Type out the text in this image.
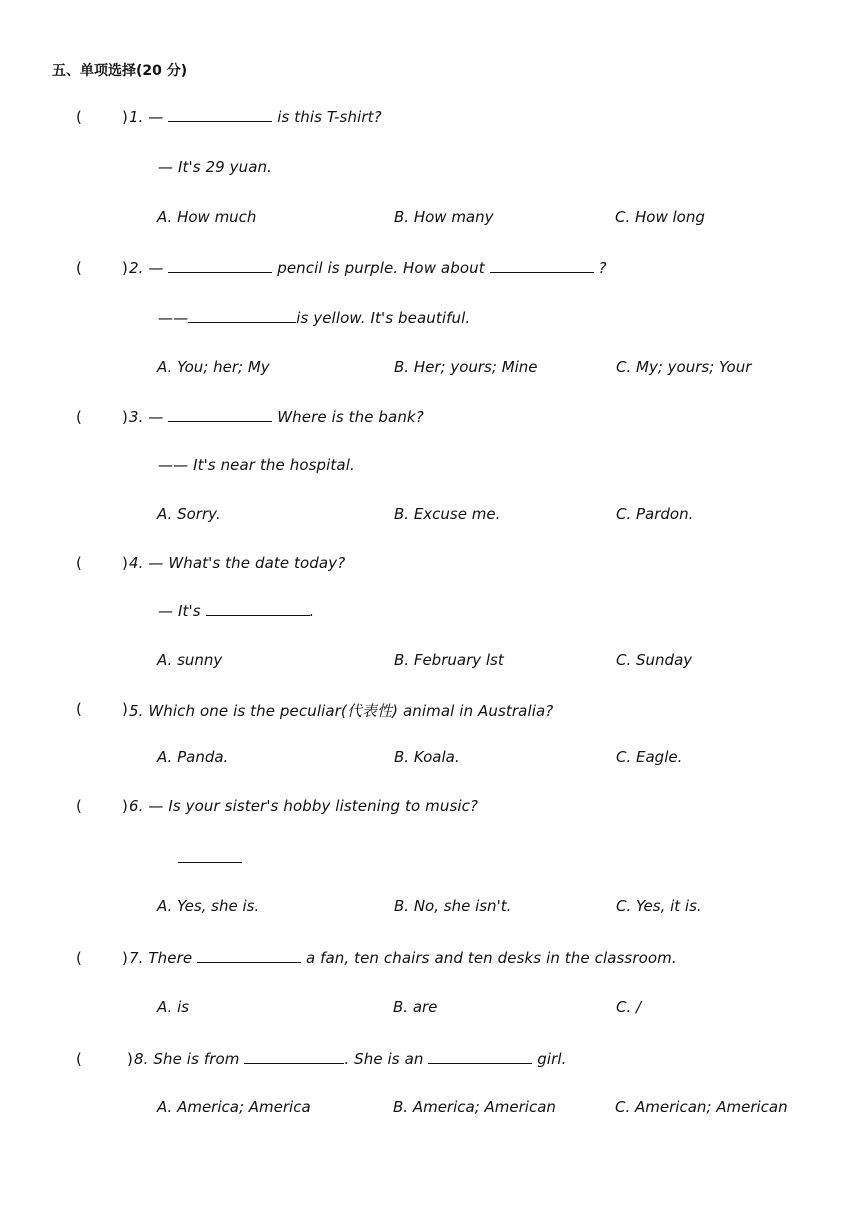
五、单项选择(20 分)
(	) 1. —	is this T-shirt?
— It's 29 yuan.
A. How much	B. How many	C. How long
(	) 2. —	pencil is purple. How about	?
——	is yellow. It's beautiful.
A. You; her; My	B. Her; yours; Mine	C. My; yours; Your
(	) 3. —	Where is the bank?
—— It's near the hospital.
A. Sorry.	B. Excuse me.	C. Pardon.
(	) 4. — What's the date today?
— It's	.
A. sunny	B. February lst	C. Sunday
(	) 5. Which one is the peculiar(代表性) animal in Australia?
A. Panda.	B. Koala.	C. Eagle.
(	) 6. — Is your sister's hobby listening to music?
A. Yes, she is.	B. No, she isn't.	C. Yes, it is.
(	) 7. There	a fan, ten chairs and ten desks in the classroom.
A. is	B. are	C. /
(	) 8. She is from	. She is an	girl.
A. America; America	B. America; American	C. American; American
